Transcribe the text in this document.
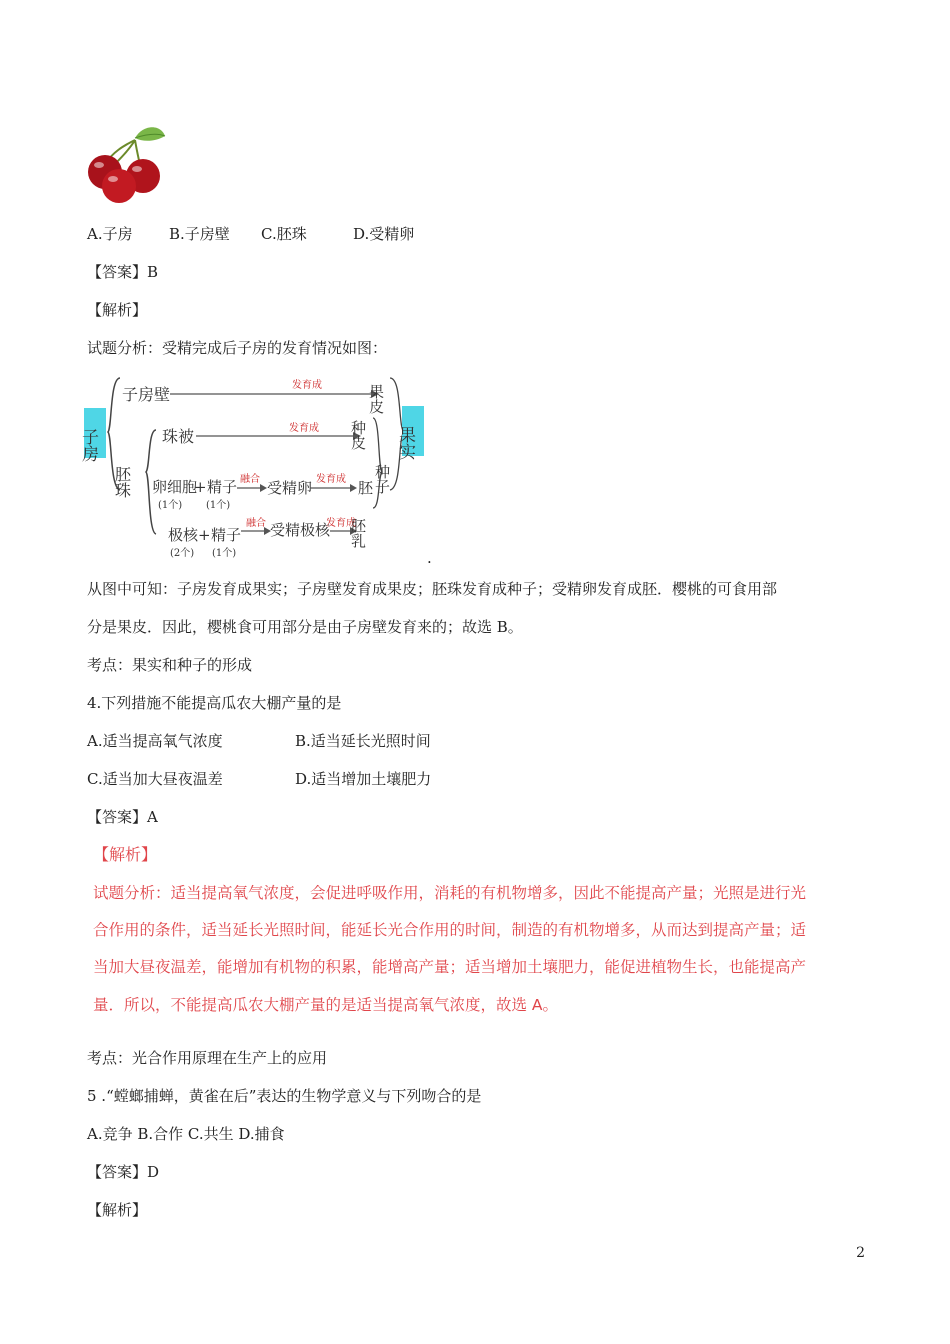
A.子房 B.子房壁 C.胚珠	D.受精卵
【答案】B
【解析】
试题分析：受精完成后子房的发育情况如图：
子房
子房壁	发育成	果皮
胚珠
珠被	发育成 种皮
卵细胞
+ 精子
(1个) (1个)
融合 受精卵 发育成 胚
极核 + 精子
(2个) (1个)
融合 受精极核
发育成
胚乳
种子
果实
.
从图中可知：子房发育成果实；子房壁发育成果皮；胚珠发育成种子；受精卵发育成胚．樱桃的可食用部
分是果皮．因此，樱桃食可用部分是由子房壁发育来的；故选 B。
考点：果实和种子的形成
4.下列措施不能提高瓜农大棚产量的是
A.适当提高氧气浓度	B.适当延长光照时间
C.适当加大昼夜温差	D.适当增加土壤肥力
【答案】A
【解析】
试题分析：适当提高氧气浓度，会促进呼吸作用，消耗的有机物增多，因此不能提高产量；光照是进行光
合作用的条件，适当延长光照时间，能延长光合作用的时间，制造的有机物增多，从而达到提高产量；适
当加大昼夜温差，能增加有机物的积累，能增高产量；适当增加土壤肥力，能促进植物生长，也能提高产
量．所以，不能提高瓜农大棚产量的是适当提高氧气浓度，故选 A。
考点：光合作用原理在生产上的应用
5 .“螳螂捕蝉，黄雀在后”表达的生物学意义与下列吻合的是
A.竞争 B.合作 C.共生 D.捕食
【答案】D
【解析】
2
